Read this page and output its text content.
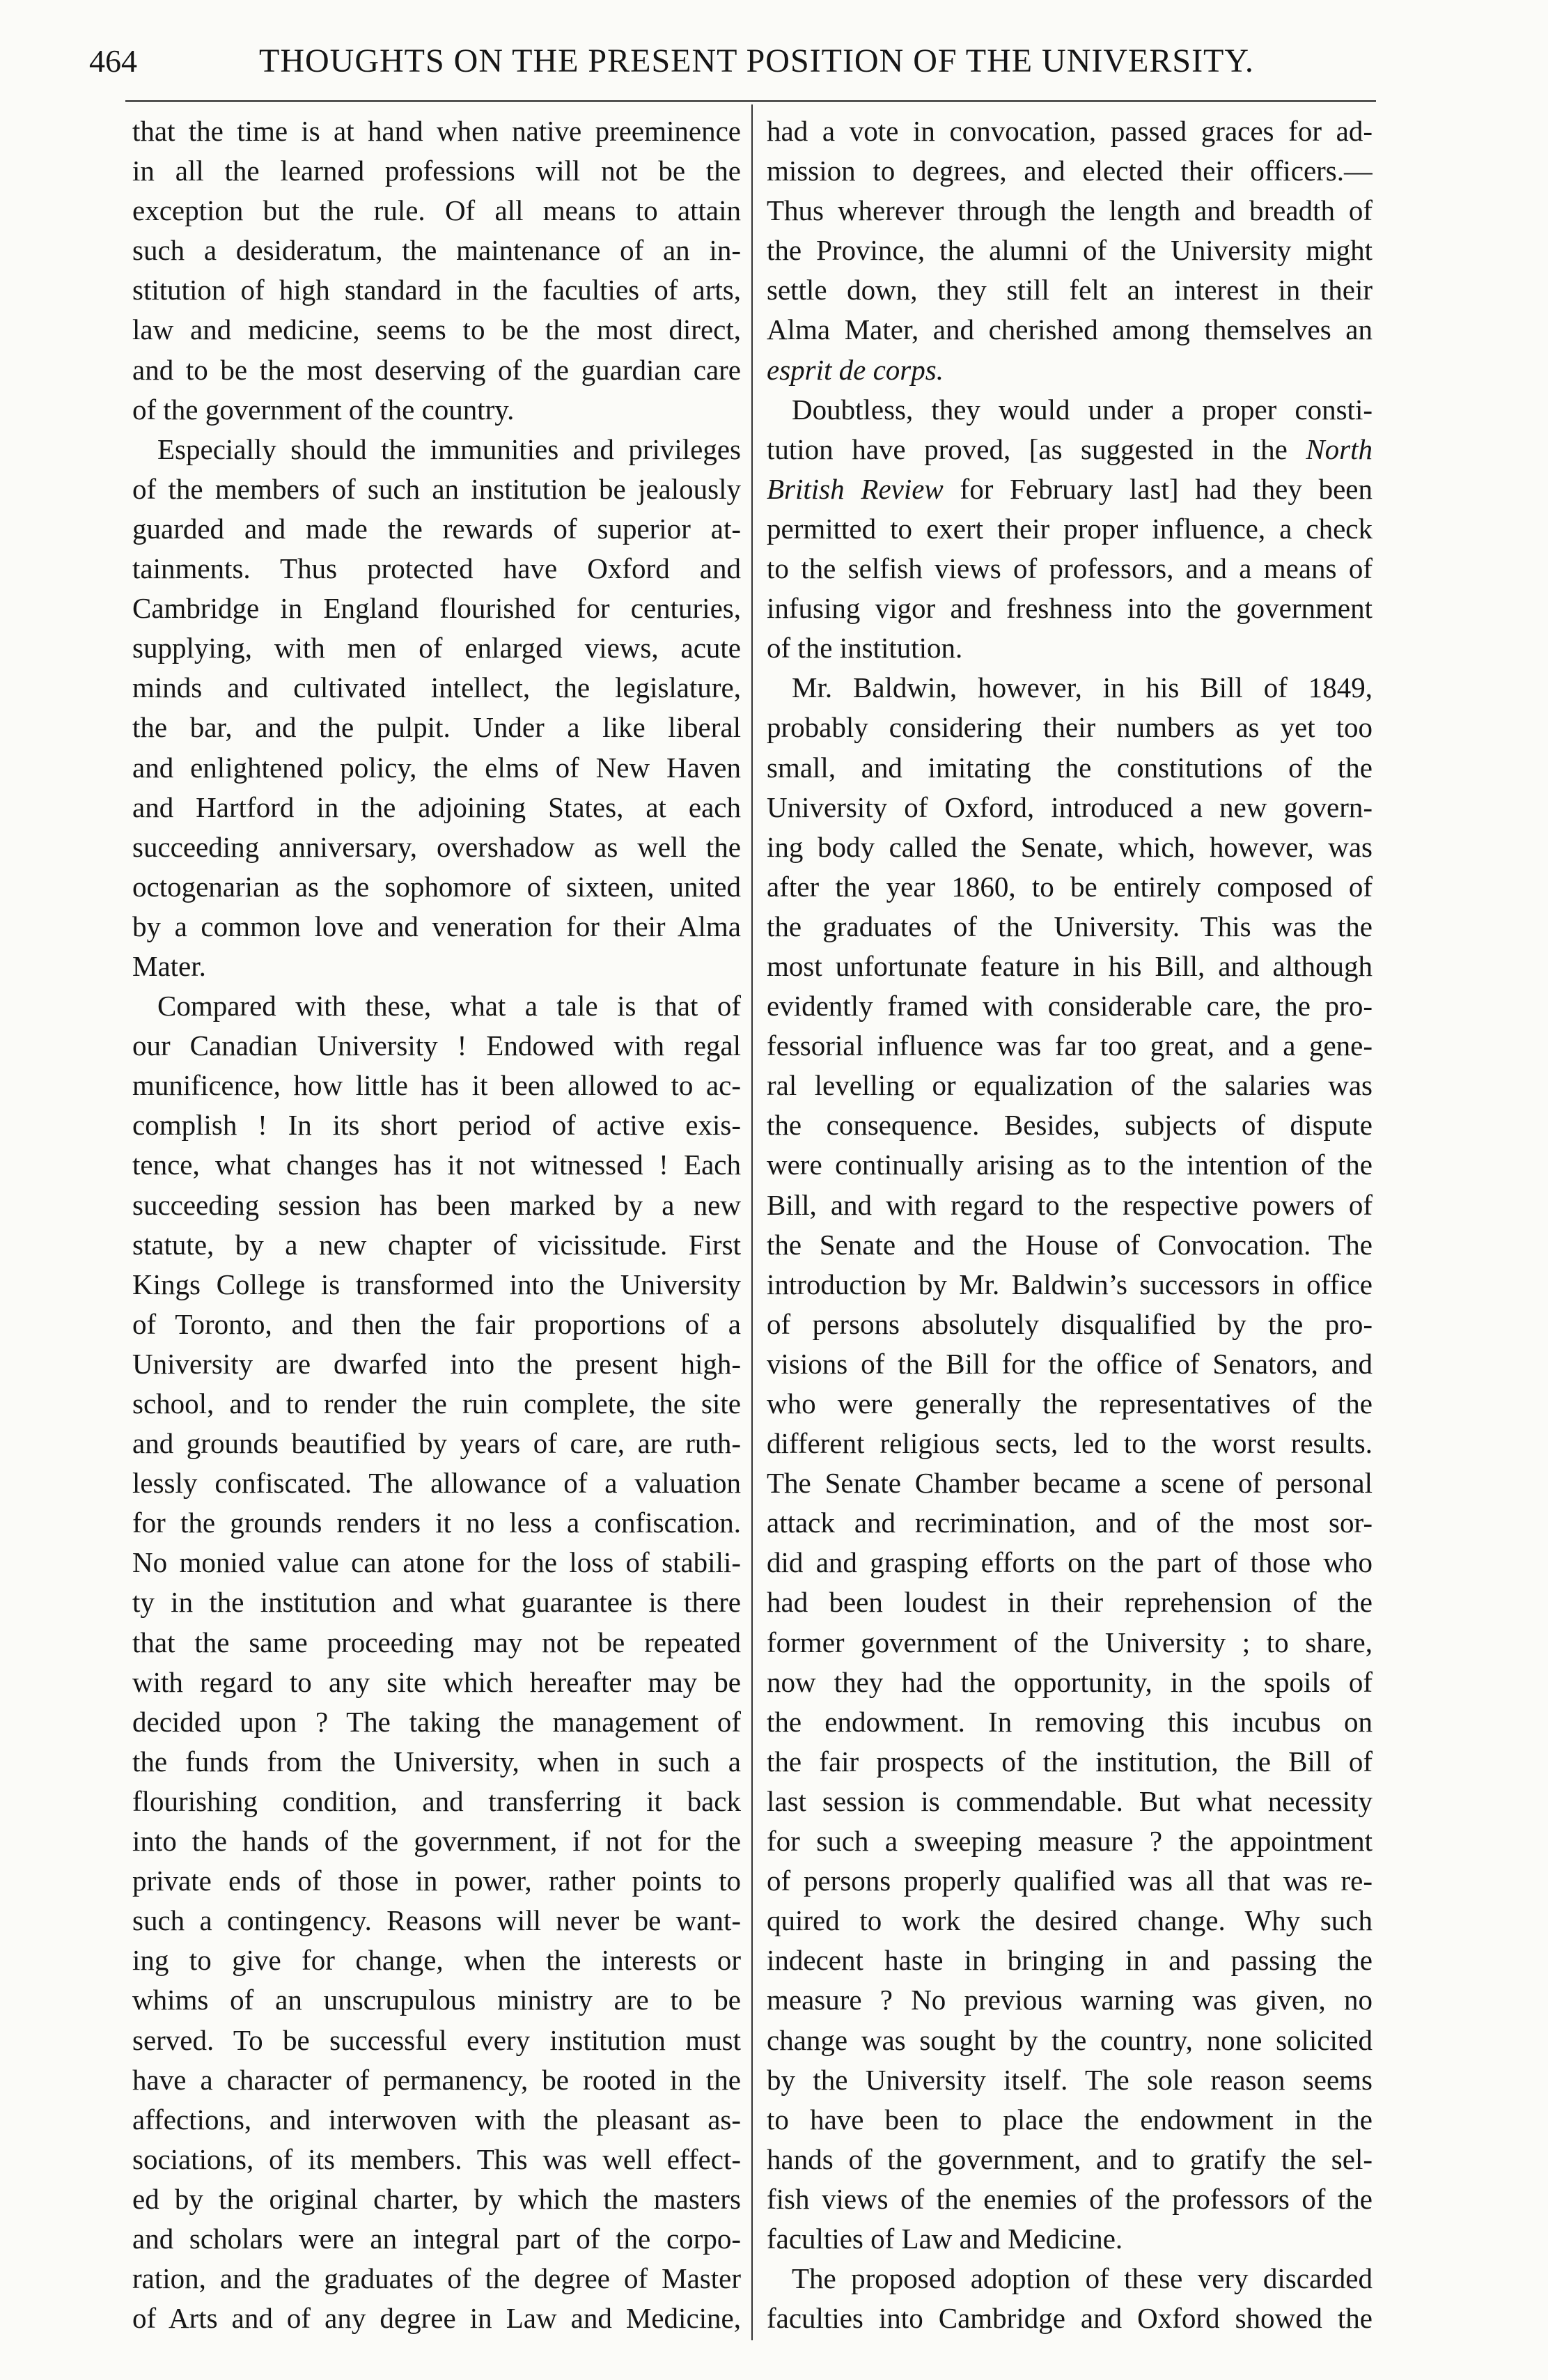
464	THOUGHTS ON THE PRESENT POSITION OF THE UNIVERSITY.
that the time is at hand when native preeminence
in all the learned professions will not be the
exception but the rule. Of all means to attain
such a desideratum, the maintenance of an in-
stitution of high standard in the faculties of arts,
law and medicine, seems to be the most direct,
and to be the most deserving of the guardian care
of the government of the country.
Especially should the immunities and privileges
of the members of such an institution be jealously
guarded and made the rewards of superior at-
tainments. Thus protected have Oxford and
Cambridge in England flourished for centuries,
supplying, with men of enlarged views, acute
minds and cultivated intellect, the legislature,
the bar, and the pulpit. Under a like liberal
and enlightened policy, the elms of New Haven
and Hartford in the adjoining States, at each
succeeding anniversary, overshadow as well the
octogenarian as the sophomore of sixteen, united
by a common love and veneration for their Alma
Mater.
Compared with these, what a tale is that of
our Canadian University ! Endowed with regal
munificence, how little has it been allowed to ac-
complish ! In its short period of active exis-
tence, what changes has it not witnessed ! Each
succeeding session has been marked by a new
statute, by a new chapter of vicissitude. First
Kings College is transformed into the University
of Toronto, and then the fair proportions of a
University are dwarfed into the present high-
school, and to render the ruin complete, the site
and grounds beautified by years of care, are ruth-
lessly confiscated. The allowance of a valuation
for the grounds renders it no less a confiscation.
No monied value can atone for the loss of stabili-
ty in the institution and what guarantee is there
that the same proceeding may not be repeated
with regard to any site which hereafter may be
decided upon ? The taking the management of
the funds from the University, when in such a
flourishing condition, and transferring it back
into the hands of the government, if not for the
private ends of those in power, rather points to
such a contingency. Reasons will never be want-
ing to give for change, when the interests or
whims of an unscrupulous ministry are to be
served. To be successful every institution must
have a character of permanency, be rooted in the
affections, and interwoven with the pleasant as-
sociations, of its members. This was well effect-
ed by the original charter, by which the masters
and scholars were an integral part of the corpo-
ration, and the graduates of the degree of Master
of Arts and of any degree in Law and Medicine,
had a vote in convocation, passed graces for ad-
mission to degrees, and elected their officers.—
Thus wherever through the length and breadth of
the Province, the alumni of the University might
settle down, they still felt an interest in their
Alma Mater, and cherished among themselves an
esprit de corps.
Doubtless, they would under a proper consti-
tution have proved, [as suggested in the North
British Review for February last] had they been
permitted to exert their proper influence, a check
to the selfish views of professors, and a means of
infusing vigor and freshness into the government
of the institution.
Mr. Baldwin, however, in his Bill of 1849,
probably considering their numbers as yet too
small, and imitating the constitutions of the
University of Oxford, introduced a new govern-
ing body called the Senate, which, however, was
after the year 1860, to be entirely composed of
the graduates of the University. This was the
most unfortunate feature in his Bill, and although
evidently framed with considerable care, the pro-
fessorial influence was far too great, and a gene-
ral levelling or equalization of the salaries was
the consequence. Besides, subjects of dispute
were continually arising as to the intention of the
Bill, and with regard to the respective powers of
the Senate and the House of Convocation. The
introduction by Mr. Baldwin’s successors in office
of persons absolutely disqualified by the pro-
visions of the Bill for the office of Senators, and
who were generally the representatives of the
different religious sects, led to the worst results.
The Senate Chamber became a scene of personal
attack and recrimination, and of the most sor-
did and grasping efforts on the part of those who
had been loudest in their reprehension of the
former government of the University ; to share,
now they had the opportunity, in the spoils of
the endowment. In removing this incubus on
the fair prospects of the institution, the Bill of
last session is commendable. But what necessity
for such a sweeping measure ? the appointment
of persons properly qualified was all that was re-
quired to work the desired change. Why such
indecent haste in bringing in and passing the
measure ? No previous warning was given, no
change was sought by the country, none solicited
by the University itself. The sole reason seems
to have been to place the endowment in the
hands of the government, and to gratify the sel-
fish views of the enemies of the professors of the
faculties of Law and Medicine.
The proposed adoption of these very discarded
faculties into Cambridge and Oxford showed the
